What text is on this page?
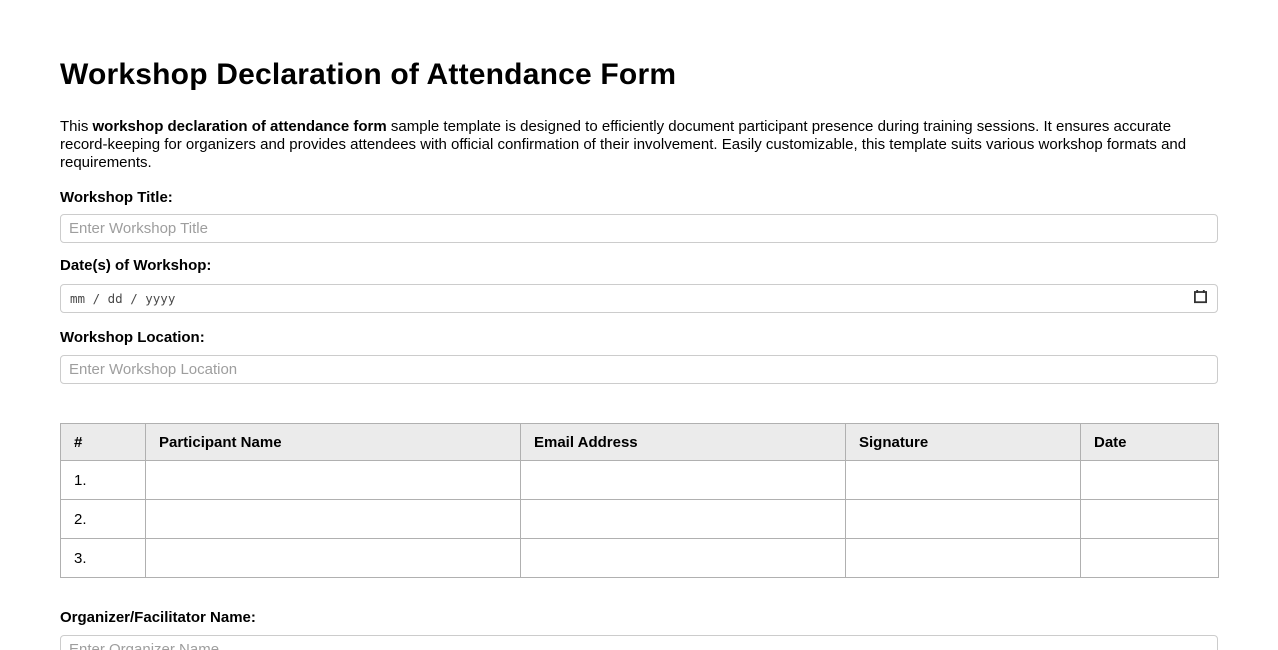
Workshop Declaration of Attendance Form

This workshop declaration of attendance form sample template is designed to efficiently document participant presence during training sessions. It ensures accurate record-keeping for organizers and provides attendees with official confirmation of their involvement. Easily customizable, this template suits various workshop formats and requirements.

Workshop Title:
Enter Workshop Title
Date(s) of Workshop:
mm / dd / yyyy
Workshop Location:
Enter Workshop Location
#	Participant Name	Email Address	Signature	Date
1.				
2.				
3.				
Organizer/Facilitator Name:
Enter Organizer Name
